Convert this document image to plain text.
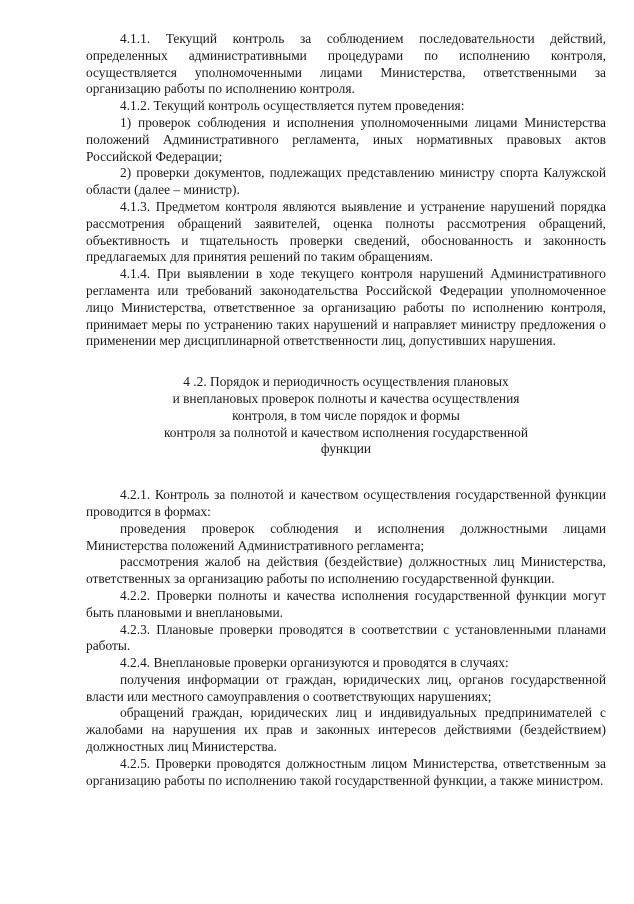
4.1.1. Текущий контроль за соблюдением последовательности действий, определенных административными процедурами по исполнению контроля, осуществляется уполномоченными лицами Министерства, ответственными за организацию работы по исполнению контроля.

4.1.2. Текущий контроль осуществляется путем проведения:

1) проверок соблюдения и исполнения уполномоченными лицами Министерства положений Административного регламента, иных нормативных правовых актов Российской Федерации;

2) проверки документов, подлежащих представлению министру спорта Калужской области (далее – министр).

4.1.3. Предметом контроля являются выявление и устранение нарушений порядка рассмотрения обращений заявителей, оценка полноты рассмотрения обращений, объективность и тщательность проверки сведений, обоснованность и законность предлагаемых для принятия решений по таким обращениям.

4.1.4. При выявлении в ходе текущего контроля нарушений Административного регламента или требований законодательства Российской Федерации уполномоченное лицо Министерства, ответственное за организацию работы по исполнению контроля, принимает меры по устранению таких нарушений и направляет министру предложения о применении мер дисциплинарной ответственности лиц, допустивших нарушения.

4 .2. Порядок и периодичность осуществления плановых
и внеплановых проверок полноты и качества осуществления
контроля, в том числе порядок и формы
контроля за полнотой и качеством исполнения государственной
функции

4.2.1. Контроль за полнотой и качеством осуществления государственной функции проводится в формах:

проведения проверок соблюдения и исполнения должностными лицами Министерства положений Административного регламента;

рассмотрения жалоб на действия (бездействие) должностных лиц Министерства, ответственных за организацию работы по исполнению государственной функции.

4.2.2. Проверки полноты и качества исполнения государственной функции могут быть плановыми и внеплановыми.

4.2.3. Плановые проверки проводятся в соответствии с установленными планами работы.

4.2.4. Внеплановые проверки организуются и проводятся в случаях:

получения информации от граждан, юридических лиц, органов государственной власти или местного самоуправления о соответствующих нарушениях;

обращений граждан, юридических лиц и индивидуальных предпринимателей с жалобами на нарушения их прав и законных интересов действиями (бездействием) должностных лиц Министерства.

4.2.5. Проверки проводятся должностным лицом Министерства, ответственным за организацию работы по исполнению такой государственной функции, а также министром.
